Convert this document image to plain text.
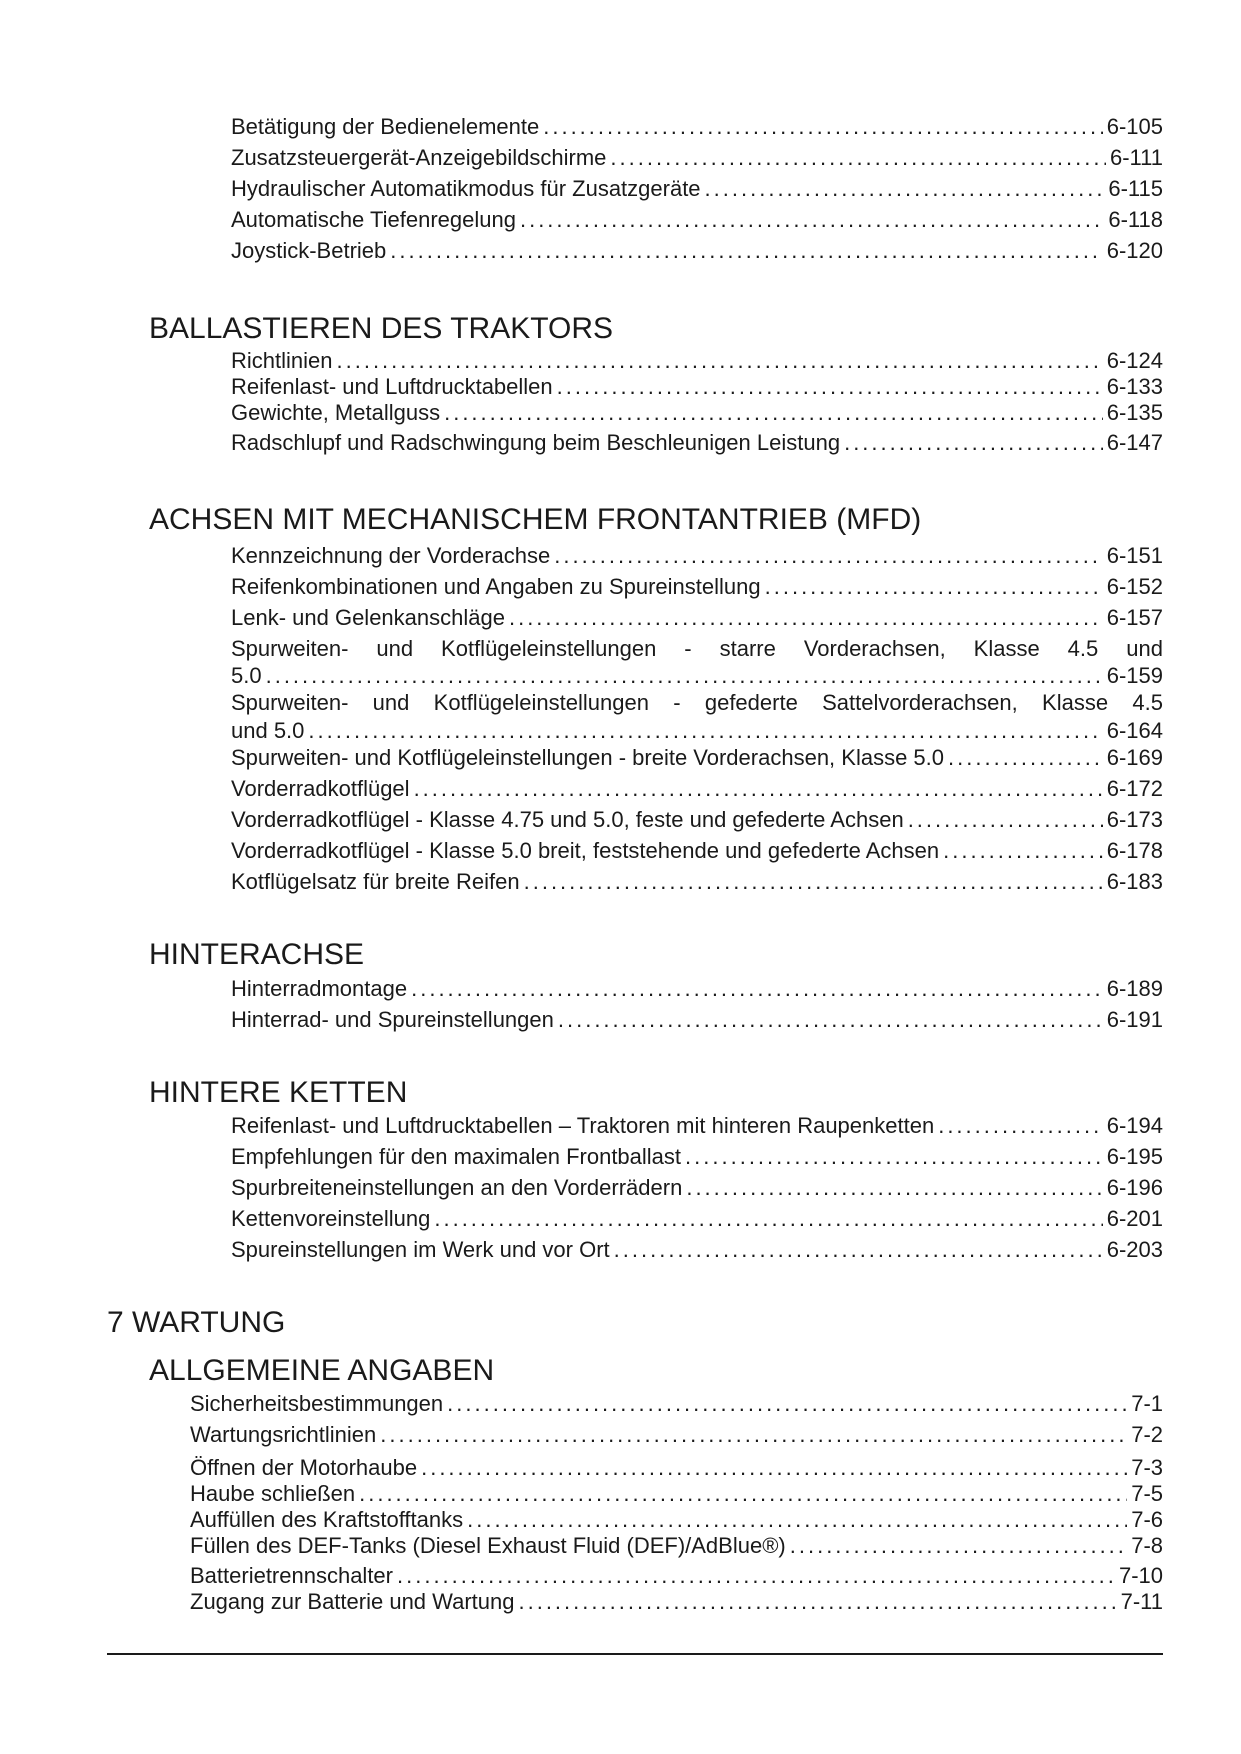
Betätigung der Bedienelemente .....	6-105
Zusatzsteuergerät-Anzeigebildschirme .....	6-111
Hydraulischer Automatikmodus für Zusatzgeräte .....	6-115
Automatische Tiefenregelung .....	6-118
Joystick-Betrieb .....	6-120
BALLASTIEREN DES TRAKTORS
Richtlinien .....	6-124
Reifenlast- und Luftdrucktabellen .....	6-133
Gewichte, Metallguss .....	6-135
Radschlupf und Radschwingung beim Beschleunigen Leistung .....	6-147
ACHSEN MIT MECHANISCHEM FRONTANTRIEB (MFD)
Kennzeichnung der Vorderachse .....	6-151
Reifenkombinationen und Angaben zu Spureinstellung .....	6-152
Lenk- und Gelenkanschläge .....	6-157
Spurweiten- und Kotflügeleinstellungen - starre Vorderachsen, Klasse 4.5 und
5.0 .....	6-159
Spurweiten- und Kotflügeleinstellungen - gefederte Sattelvorderachsen, Klasse 4.5
und 5.0 .....	6-164
Spurweiten- und Kotflügeleinstellungen - breite Vorderachsen, Klasse 5.0 .....	6-169
Vorderradkotflügel .....	6-172
Vorderradkotflügel - Klasse 4.75 und 5.0, feste und gefederte Achsen .....	6-173
Vorderradkotflügel - Klasse 5.0 breit, feststehende und gefederte Achsen .....	6-178
Kotflügelsatz für breite Reifen .....	6-183
HINTERACHSE
Hinterradmontage .....	6-189
Hinterrad- und Spureinstellungen .....	6-191
HINTERE KETTEN
Reifenlast- und Luftdrucktabellen – Traktoren mit hinteren Raupenketten .....	6-194
Empfehlungen für den maximalen Frontballast .....	6-195
Spurbreiteneinstellungen an den Vorderrädern .....	6-196
Kettenvoreinstellung .....	6-201
Spureinstellungen im Werk und vor Ort .....	6-203
7 WARTUNG
ALLGEMEINE ANGABEN
Sicherheitsbestimmungen .....	7-1
Wartungsrichtlinien .....	7-2
Öffnen der Motorhaube .....	7-3
Haube schließen .....	7-5
Auffüllen des Kraftstofftanks .....	7-6
Füllen des DEF-Tanks (Diesel Exhaust Fluid (DEF)/AdBlue®) .....	7-8
Batterietrennschalter .....	7-10
Zugang zur Batterie und Wartung .....	7-11
